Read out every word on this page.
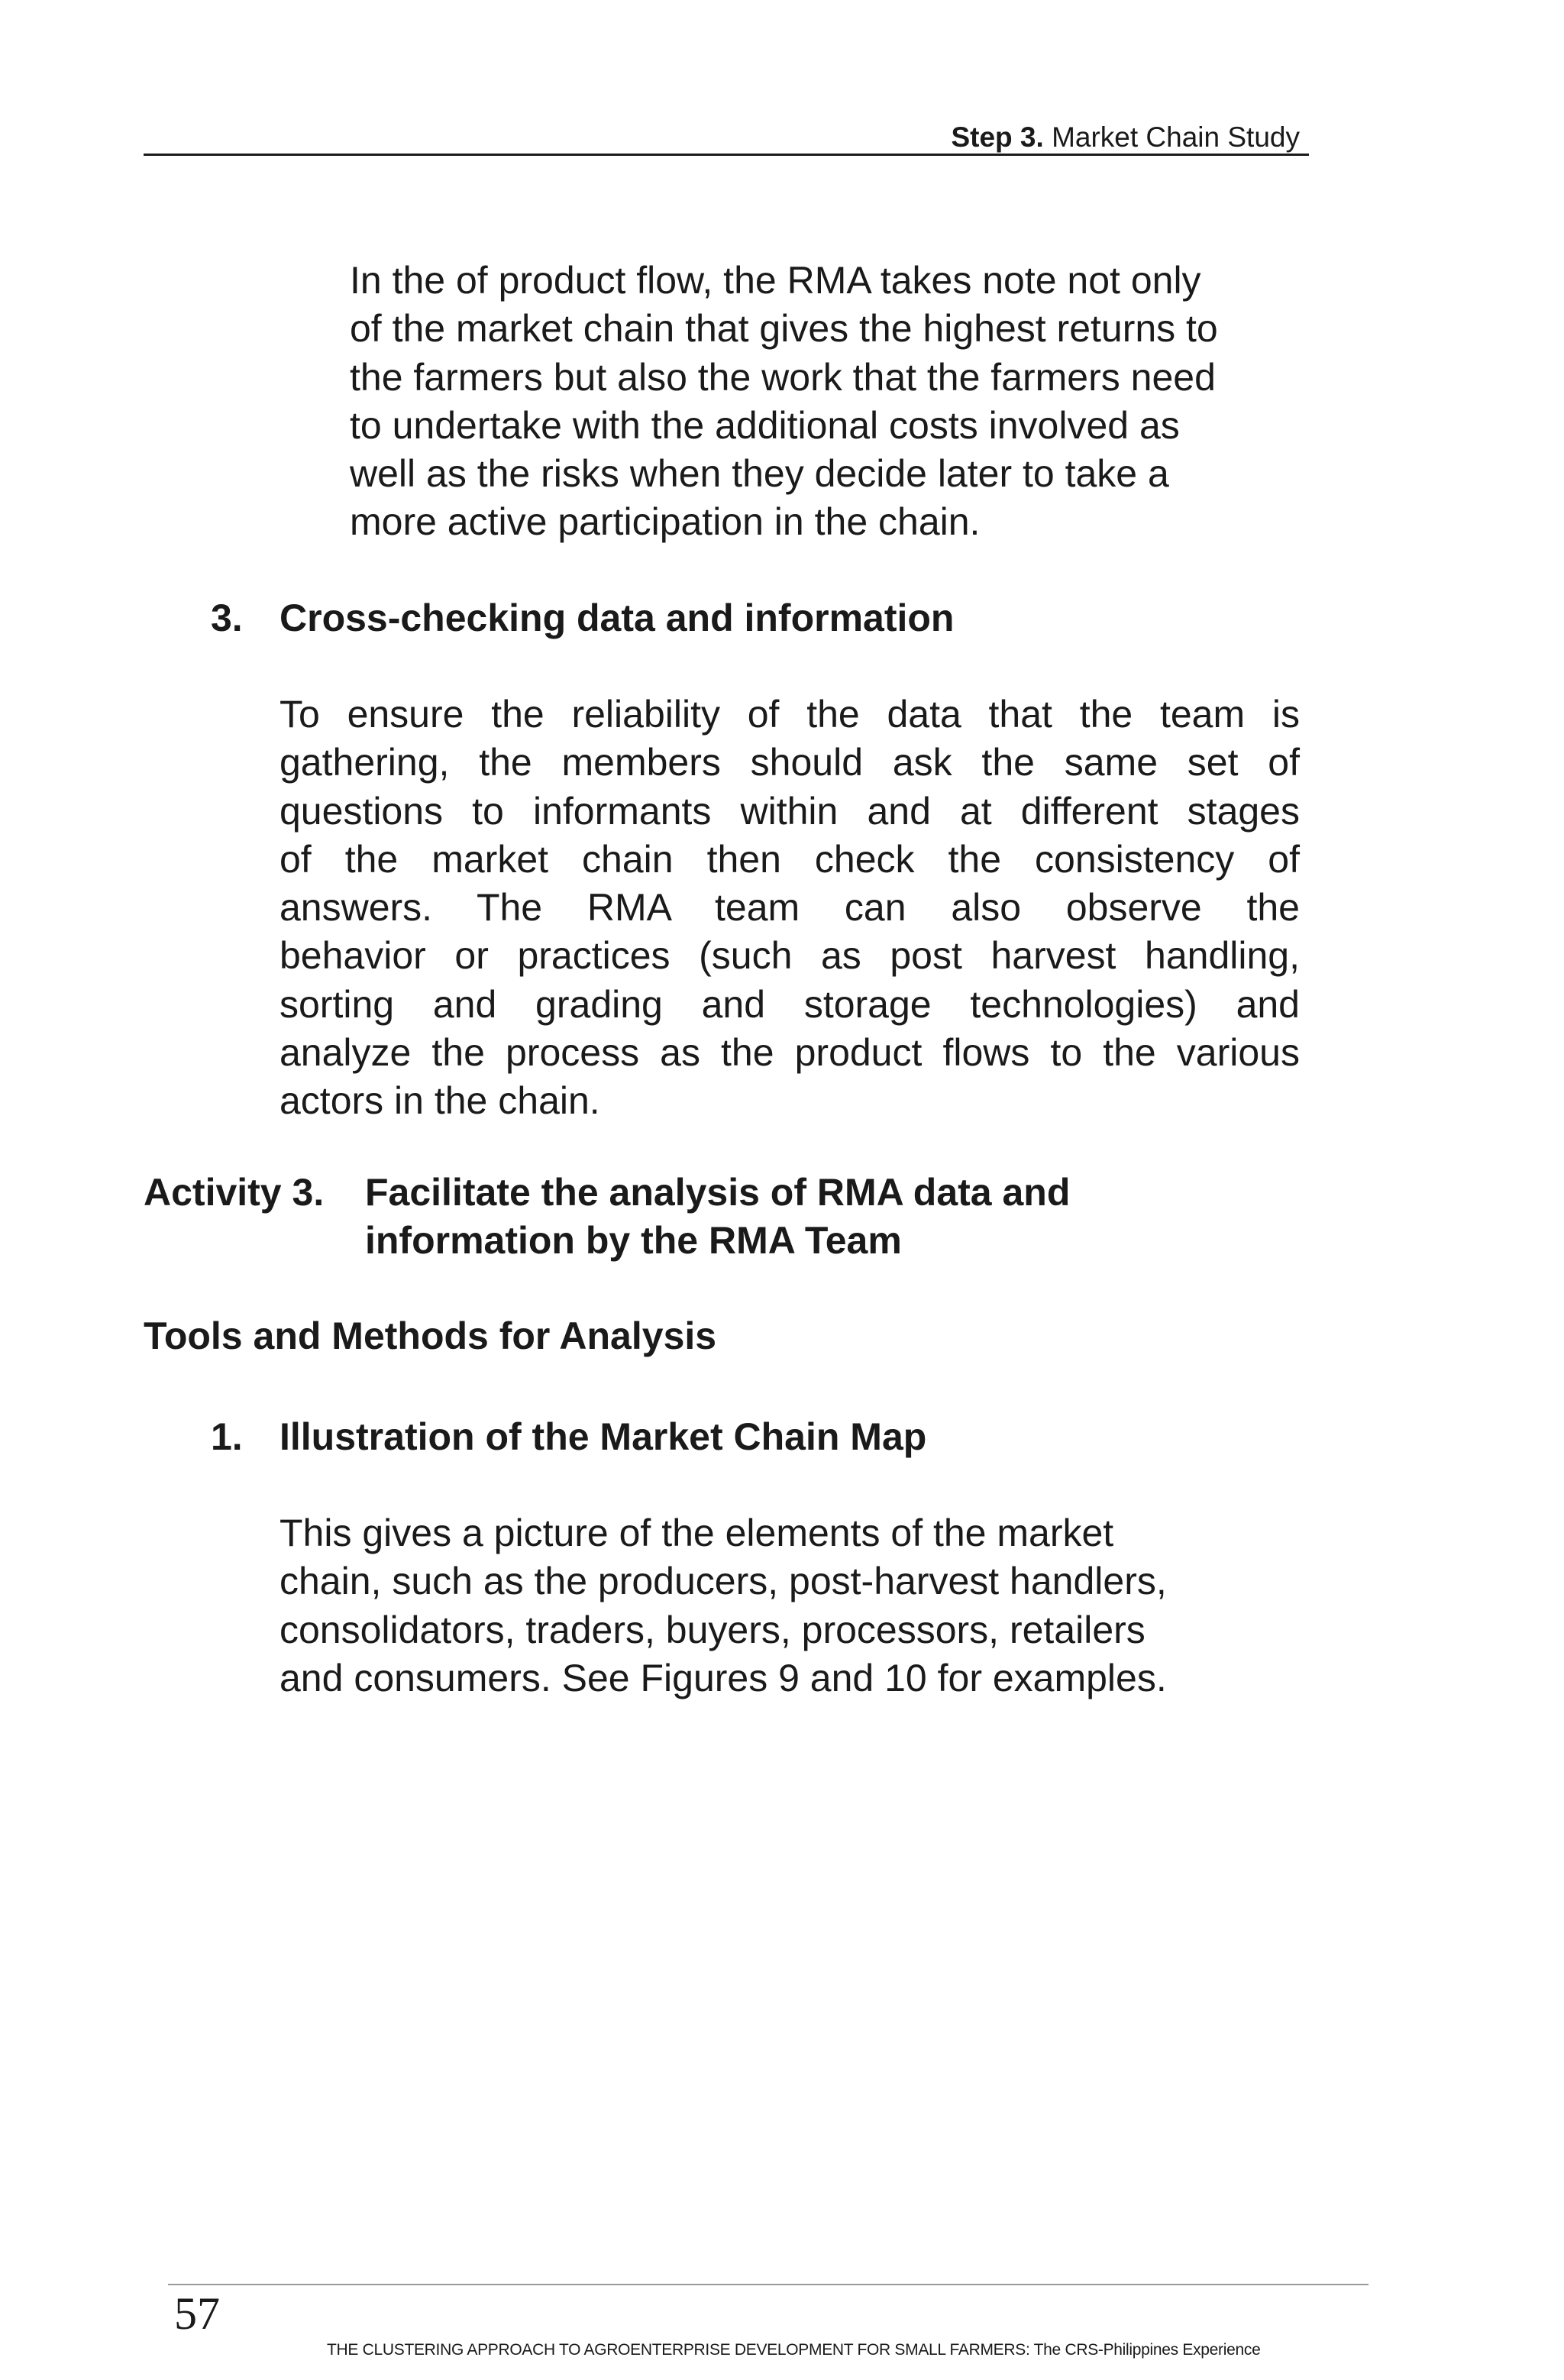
Step 3. Market Chain Study
In the of product flow, the RMA takes note not only
of the market chain that gives the highest returns to
the farmers but also the work that the farmers need
to undertake with the additional costs involved as
well as the risks when they decide later to take a
more active participation in the chain.
3. Cross-checking data and information
To ensure the reliability of the data that the team is
gathering, the members should ask the same set of
questions to informants within and at different stages
of the market chain then check the consistency of
answers. The RMA team can also observe the
behavior or practices (such as post harvest handling,
sorting and grading and storage technologies) and
analyze the process as the product flows to the various
actors in the chain.
Activity 3. Facilitate the analysis of RMA data and
information by the RMA Team
Tools and Methods for Analysis
1. Illustration of the Market Chain Map
This gives a picture of the elements of the market
chain, such as the producers, post-harvest handlers,
consolidators, traders, buyers, processors, retailers
and consumers. See Figures 9 and 10 for examples.
57
THE CLUSTERING APPROACH TO AGROENTERPRISE DEVELOPMENT FOR SMALL FARMERS: The CRS-Philippines Experience
